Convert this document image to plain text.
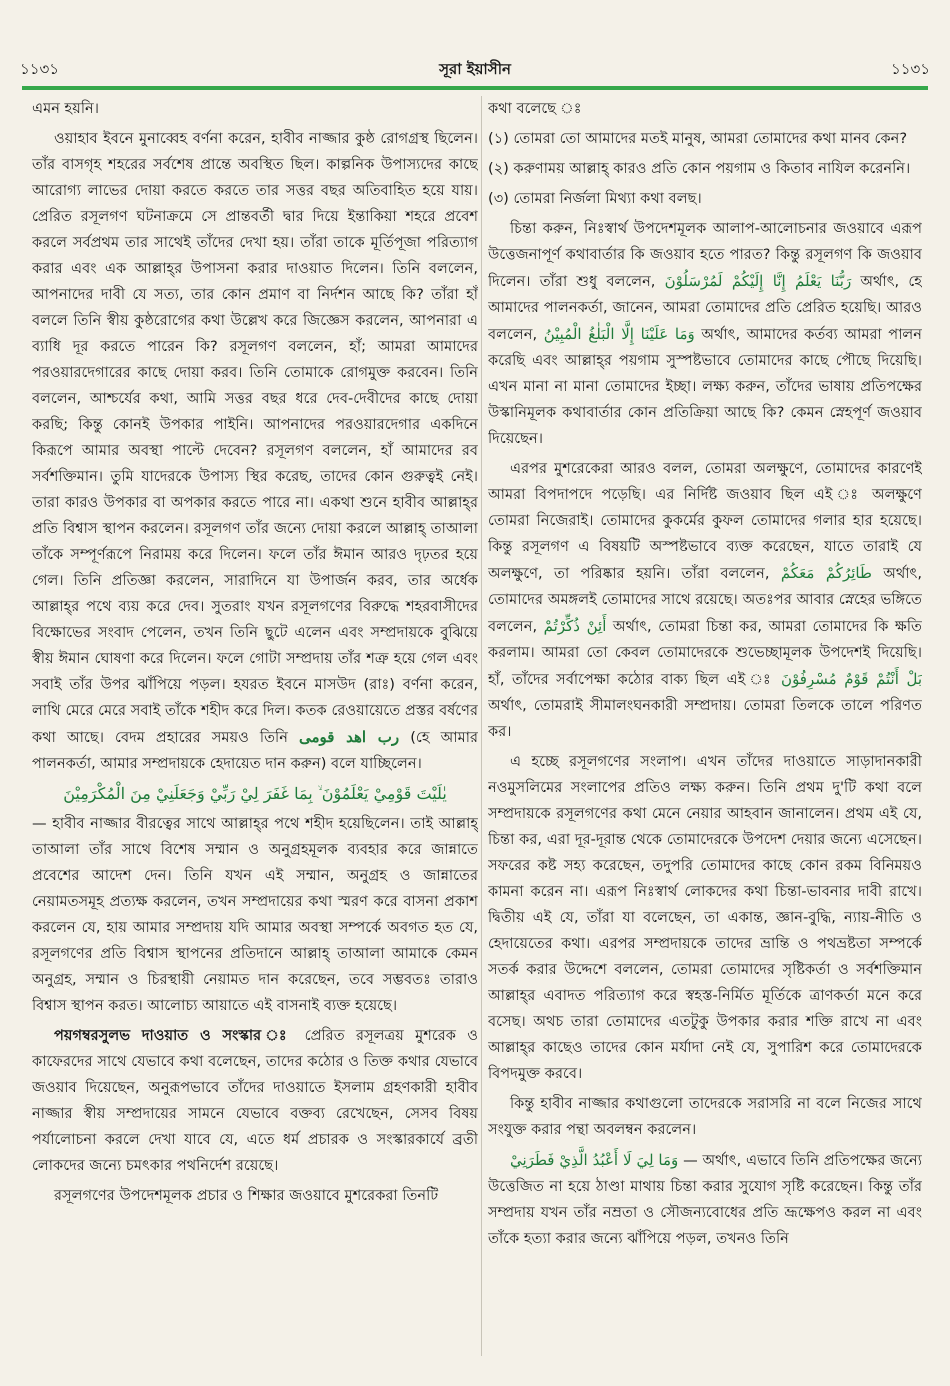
১১৩১	সূরা ইয়াসীন	১১৩১

এমন হয়নি।

ওয়াহাব ইবনে মুনাব্বেহ বর্ণনা করেন, হাবীব নাজ্জার কুষ্ঠ রোগগ্রস্থ ছিলেন। তাঁর বাসগৃহ শহরের সর্বশেষ প্রান্তে অবস্থিত ছিল। কাল্পনিক উপাস্যদের কাছে আরোগ্য লাভের দোয়া করতে করতে তার সত্তর বছর অতিবাহিত হয়ে যায়। প্রেরিত রসূলগণ ঘটনাক্রমে সে প্রান্তবর্তী দ্বার দিয়ে ইন্তাকিয়া শহরে প্রবেশ করলে সর্বপ্রথম তার সাথেই তাঁদের দেখা হয়। তাঁরা তাকে মূর্তিপূজা পরিত্যাগ করার এবং এক আল্লাহ্‌র উপাসনা করার দাওয়াত দিলেন। তিনি বললেন, আপনাদের দাবী যে সত্য, তার কোন প্রমাণ বা নির্দশন আছে কি? তাঁরা হাঁ বললে তিনি স্বীয় কুষ্ঠরোগের কথা উল্লেখ করে জিজ্ঞেস করলেন, আপনারা এ ব্যাধি দূর করতে পারেন কি? রসূলগণ বললেন, হাঁ; আমরা আমাদের পরওয়ারদেগারের কাছে দোয়া করব। তিনি তোমাকে রোগমুক্ত করবেন। তিনি বললেন, আশ্চর্যের কথা, আমি সত্তর বছর ধরে দেব-দেবীদের কাছে দোয়া করছি; কিন্তু কোনই উপকার পাইনি। আপনাদের পরওয়ারদেগার একদিনে কিরূপে আমার অবস্থা পাল্টে দেবেন? রসূলগণ বললেন, হাঁ আমাদের রব সর্বশক্তিমান। তুমি যাদেরকে উপাস্য স্থির করেছ, তাদের কোন গুরুত্বই নেই। তারা কারও উপকার বা অপকার করতে পারে না। একথা শুনে হাবীব আল্লাহ্‌র প্রতি বিশ্বাস স্থাপন করলেন। রসূলগণ তাঁর জন্যে দোয়া করলে আল্লাহ্ তাআলা তাঁকে সম্পূর্ণরূপে নিরাময় করে দিলেন। ফলে তাঁর ঈমান আরও দৃঢ়তর হয়ে গেল। তিনি প্রতিজ্ঞা করলেন, সারাদিনে যা উপার্জন করব, তার অর্ধেক আল্লাহ্‌র পথে ব্যয় করে দেব। সুতরাং যখন রসূলগণের বিরুদ্ধে শহরবাসীদের বিক্ষোভের সংবাদ পেলেন, তখন তিনি ছুটে এলেন এবং সম্প্রদায়কে বুঝিয়ে স্বীয় ঈমান ঘোষণা করে দিলেন। ফলে গোটা সম্প্রদায় তাঁর শত্রু হয়ে গেল এবং সবাই তাঁর উপর ঝাঁপিয়ে পড়ল। হযরত ইবনে মাসউদ (রাঃ) বর্ণনা করেন, লাথি মেরে মেরে সবাই তাঁকে শহীদ করে দিল। কতক রেওয়ায়েতে প্রস্তর বর্ষণের কথা আছে। বেদম প্রহারের সময়ও তিনি رب اهد قومى (হে আমার পালনকর্তা, আমার সম্প্রদায়কে হেদায়েত দান করুন) বলে যাচ্ছিলেন।

يٰلَيْتَ قَوْمِيْ يَعْلَمُوْنَ ۙ بِمَا غَفَرَ لِيْ رَبِّيْ وَجَعَلَنِيْ مِنَ الْمُكْرَمِيْنَ

— হাবীব নাজ্জার বীরত্বের সাথে আল্লাহ্‌র পথে শহীদ হয়েছিলেন। তাই আল্লাহ্ তাআলা তাঁর সাথে বিশেষ সম্মান ও অনুগ্রহমূলক ব্যবহার করে জান্নাতে প্রবেশের আদেশ দেন। তিনি যখন এই সম্মান, অনুগ্রহ ও জান্নাতের নেয়ামতসমূহ প্রত্যক্ষ করলেন, তখন সম্প্রদায়ের কথা স্মরণ করে বাসনা প্রকাশ করলেন যে, হায় আমার সম্প্রদায় যদি আমার অবস্থা সম্পর্কে অবগত হত যে, রসূলগণের প্রতি বিশ্বাস স্থাপনের প্রতিদানে আল্লাহ্ তাআলা আমাকে কেমন অনুগ্রহ, সম্মান ও চিরস্থায়ী নেয়ামত দান করেছেন, তবে সম্ভবতঃ তারাও বিশ্বাস স্থাপন করত। আলোচ্য আয়াতে এই বাসনাই ব্যক্ত হয়েছে।

পয়গম্বরসুলভ দাওয়াত ও সংস্কার ঃ প্রেরিত রসূলত্রয় মুশরেক ও কাফেরদের সাথে যেভাবে কথা বলেছেন, তাদের কঠোর ও তিক্ত কথার যেভাবে জওয়াব দিয়েছেন, অনুরূপভাবে তাঁদের দাওয়াতে ইসলাম গ্রহণকারী হাবীব নাজ্জার স্বীয় সম্প্রদায়ের সামনে যেভাবে বক্তব্য রেখেছেন, সেসব বিষয় পর্যালোচনা করলে দেখা যাবে যে, এতে ধর্ম প্রচারক ও সংস্কারকার্যে ব্রতী লোকদের জন্যে চমৎকার পথনির্দেশ রয়েছে।

রসূলগণের উপদেশমূলক প্রচার ও শিক্ষার জওয়াবে মুশরেকরা তিনটি

কথা বলেছে ঃ

(১) তোমরা তো আমাদের মতই মানুষ, আমরা তোমাদের কথা মানব কেন?

(২) করুণাময় আল্লাহ্ কারও প্রতি কোন পয়গাম ও কিতাব নাযিল করেননি।

(৩) তোমরা নির্জলা মিথ্যা কথা বলছ।

চিন্তা করুন, নিঃস্বার্থ উপদেশমূলক আলাপ-আলোচনার জওয়াবে এরূপ উত্তেজনাপূর্ণ কথাবার্তার কি জওয়াব হতে পারত? কিন্তু রসূলগণ কি জওয়াব দিলেন। তাঁরা শুধু বললেন, رَبُّنَا يَعْلَمُ إِنَّا إِلَيْكُمْ لَمُرْسَلُوْنَ অর্থাৎ, হে আমাদের পালনকর্তা, জানেন, আমরা তোমাদের প্রতি প্রেরিত হয়েছি। আরও বললেন, وَمَا عَلَيْنَا إِلَّا الْبَلٰغُ الْمُبِيْنُ অর্থাৎ, আমাদের কর্তব্য আমরা পালন করেছি এবং আল্লাহ্‌র পয়গাম সুস্পষ্টভাবে তোমাদের কাছে পৌছে দিয়েছি। এখন মানা না মানা তোমাদের ইচ্ছা। লক্ষ্য করুন, তাঁদের ভাষায় প্রতিপক্ষের উস্কানিমূলক কথাবার্তার কোন প্রতিক্রিয়া আছে কি? কেমন স্নেহপূর্ণ জওয়াব দিয়েছেন।

এরপর মুশরেকেরা আরও বলল, তোমরা অলক্ষুণে, তোমাদের কারণেই আমরা বিপদাপদে পড়েছি। এর নির্দিষ্ট জওয়াব ছিল এই ঃ অলক্ষুণে তোমরা নিজেরাই। তোমাদের কুকর্মের কুফল তোমাদের গলার হার হয়েছে। কিন্তু রসূলগণ এ বিষয়টি অস্পষ্টভাবে ব্যক্ত করেছেন, যাতে তারাই যে অলক্ষুণে, তা পরিষ্কার হয়নি। তাঁরা বললেন, طَائِرُكُمْ مَعَكُمْ অর্থাৎ, তোমাদের অমঙ্গলই তোমাদের সাথে রয়েছে। অতঃপর আবার স্নেহের ভঙ্গিতে বললেন, أَئِنْ ذُكِّرْتُمْ অর্থাৎ, তোমরা চিন্তা কর, আমরা তোমাদের কি ক্ষতি করলাম। আমরা তো কেবল তোমাদেরকে শুভেচ্ছামূলক উপদেশই দিয়েছি। হাঁ, তাঁদের সর্বাপেক্ষা কঠোর বাক্য ছিল এই ঃ بَلْ أَنْتُمْ قَوْمٌ مُسْرِفُوْنَ অর্থাৎ, তোমরাই সীমালংঘনকারী সম্প্রদায়। তোমরা তিলকে তালে পরিণত কর।

এ হচ্ছে রসূলগণের সংলাপ। এখন তাঁদের দাওয়াতে সাড়াদানকারী নওমুসলিমের সংলাপের প্রতিও লক্ষ্য করুন। তিনি প্রথম দু'টি কথা বলে সম্প্রদায়কে রসূলগণের কথা মেনে নেয়ার আহবান জানালেন। প্রথম এই যে, চিন্তা কর, এরা দূর-দূরান্ত থেকে তোমাদেরকে উপদেশ দেয়ার জন্যে এসেছেন। সফরের কষ্ট সহ্য করেছেন, তদুপরি তোমাদের কাছে কোন রকম বিনিময়ও কামনা করেন না। এরূপ নিঃস্বার্থ লোকদের কথা চিন্তা-ভাবনার দাবী রাখে। দ্বিতীয় এই যে, তাঁরা যা বলেছেন, তা একান্ত, জ্ঞান-বুদ্ধি, ন্যায়-নীতি ও হেদায়েতের কথা। এরপর সম্প্রদায়কে তাদের ভ্রান্তি ও পথভ্রষ্টতা সম্পর্কে সতর্ক করার উদ্দেশে বললেন, তোমরা তোমাদের সৃষ্টিকর্তা ও সর্বশক্তিমান আল্লাহ্‌র এবাদত পরিত্যাগ করে স্বহস্ত-নির্মিত মূর্তিকে ত্রাণকর্তা মনে করে বসেছ। অথচ তারা তোমাদের এতটুকু উপকার করার শক্তি রাখে না এবং আল্লাহ্‌র কাছেও তাদের কোন মর্যাদা নেই যে, সুপারিশ করে তোমাদেরকে বিপদমুক্ত করবে।

কিন্তু হাবীব নাজ্জার কথাগুলো তাদেরকে সরাসরি না বলে নিজের সাথে সংযুক্ত করার পন্থা অবলম্বন করলেন।

وَمَا لِيَ لَا أَعْبُدُ الَّذِيْ فَطَرَنِيْ — অর্থাৎ, এভাবে তিনি প্রতিপক্ষের জন্যে উত্তেজিত না হয়ে ঠাণ্ডা মাথায় চিন্তা করার সুযোগ সৃষ্টি করেছেন। কিন্তু তাঁর সম্প্রদায় যখন তাঁর নম্রতা ও সৌজন্যবোধের প্রতি ভ্রূক্ষেপও করল না এবং তাঁকে হত্যা করার জন্যে ঝাঁপিয়ে পড়ল, তখনও তিনি
